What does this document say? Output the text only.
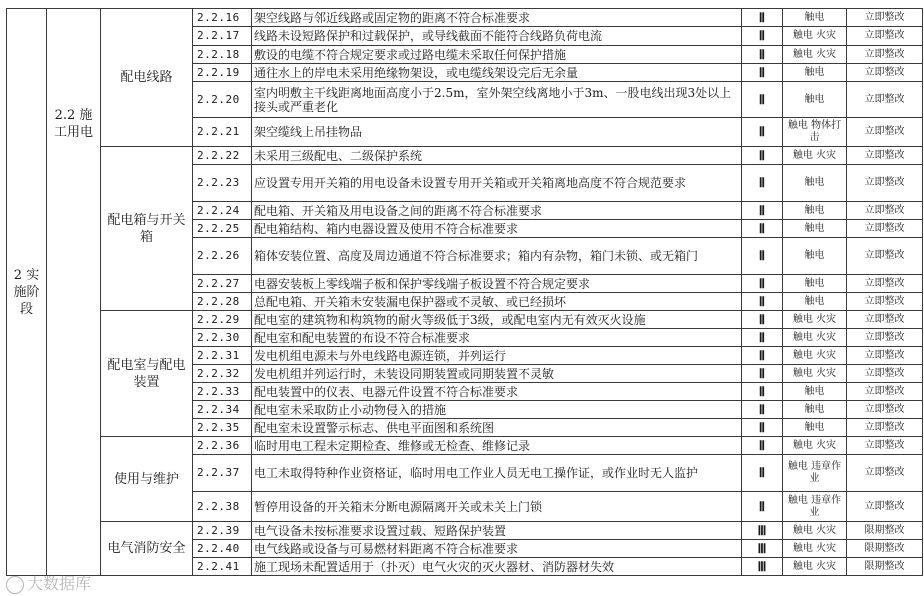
2 实施阶段	2.2 施工用电	配电线路	2.2.16	架空线路与邻近线路或固定物的距离不符合标准要求	Ⅱ	触电	立即整改
			2.2.17	线路未设短路保护和过载保护，或导线截面不能符合线路负荷电流	Ⅱ	触电 火灾	立即整改
			2.2.18	敷设的电缆不符合规定要求或过路电缆未采取任何保护措施	Ⅱ	触电 火灾	立即整改
			2.2.19	通往水上的岸电未采用绝缘物架设，或电缆线架设完后无余量	Ⅱ	触电	立即整改
			2.2.20	室内明敷主干线距离地面高度小于2.5m，室外架空线离地小于3m、一股电线出现3处以上接头或严重老化	Ⅱ	触电	立即整改
			2.2.21	架空缆线上吊挂物品	Ⅱ	触电 物体打击	立即整改
		配电箱与开关箱	2.2.22	未采用三级配电、二级保护系统	Ⅱ	触电 火灾	立即整改
			2.2.23	应设置专用开关箱的用电设备未设置专用开关箱或开关箱离地高度不符合规范要求	Ⅱ	触电	立即整改
			2.2.24	配电箱、开关箱及用电设备之间的距离不符合标准要求	Ⅱ	触电	立即整改
			2.2.25	配电箱结构、箱内电器设置及使用不符合标准要求	Ⅱ	触电	立即整改
			2.2.26	箱体安装位置、高度及周边通道不符合标准要求；箱内有杂物，箱门未锁、或无箱门	Ⅱ	触电	立即整改
			2.2.27	电器安装板上零线端子板和保护零线端子板设置不符合规定要求	Ⅱ	触电	立即整改
			2.2.28	总配电箱、开关箱未安装漏电保护器或不灵敏、或已经损坏	Ⅱ	触电	立即整改
		配电室与配电装置	2.2.29	配电室的建筑物和构筑物的耐火等级低于3级，或配电室内无有效灭火设施	Ⅱ	触电 火灾	立即整改
			2.2.30	配电室和配电装置的布设不符合标准要求	Ⅱ	触电 火灾	立即整改
			2.2.31	发电机组电源未与外电线路电源连锁，并列运行	Ⅱ	触电 火灾	立即整改
			2.2.32	发电机组并列运行时，未装设同期装置或同期装置不灵敏	Ⅱ	触电 火灾	立即整改
			2.2.33	配电装置中的仪表、电器元件设置不符合标准要求	Ⅱ	触电	立即整改
			2.2.34	配电室未采取防止小动物侵入的措施	Ⅱ	触电	立即整改
			2.2.35	配电室未设置警示标志、供电平面图和系统图	Ⅱ	触电	立即整改
		使用与维护	2.2.36	临时用电工程未定期检查、维修或无检查、维修记录	Ⅱ	触电 火灾	立即整改
			2.2.37	电工未取得特种作业资格证，临时用电工作业人员无电工操作证，或作业时无人监护	Ⅱ	触电 违章作业	立即整改
			2.2.38	暂停用设备的开关箱未分断电源隔离开关或未关上门锁	Ⅱ	触电 违章作业	立即整改
		电气消防安全	2.2.39	电气设备未按标准要求设置过载、短路保护装置	Ⅲ	触电 火灾	限期整改
			2.2.40	电气线路或设备与可易燃材料距离不符合标准要求	Ⅲ	触电 火灾	限期整改
			2.2.41	施工现场未配置适用于（扑灭）电气火灾的灭火器材、消防器材失效	Ⅲ	触电 火灾	限期整改
大数据库
